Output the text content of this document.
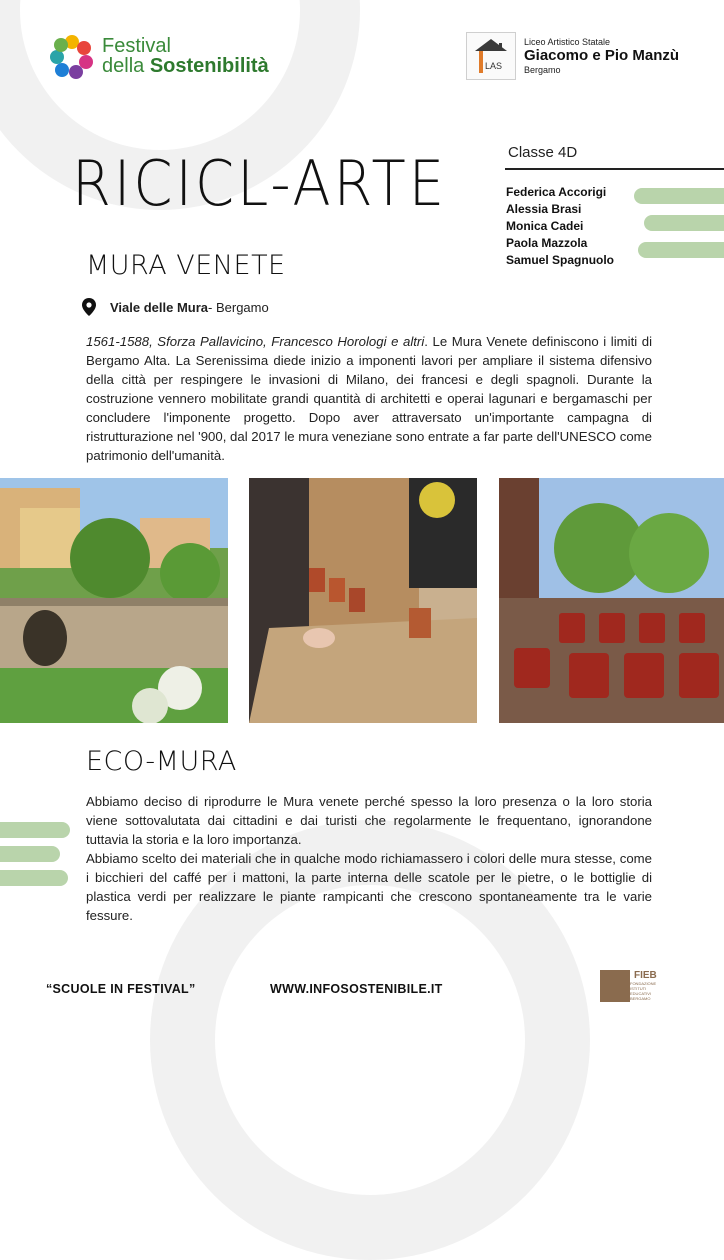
Festival
della Sostenibilità	LAS
Liceo Artistico Statale
Giacomo e Pio Manzù
Bergamo
RICICL-ARTE	Classe 4D
Federica Accorigi
Alessia Brasi
Monica Cadei
Paola Mazzola
Samuel Spagnuolo
MURA VENETE
Viale delle Mura - Bergamo

1561-1588, Sforza Pallavicino, Francesco Horologi e altri. Le Mura Venete definiscono i limiti di Bergamo Alta. La Serenissima diede inizio a imponenti lavori per ampliare il sistema difensivo della città per respingere le invasioni di Milano, dei francesi e degli spagnoli. Durante la costruzione vennero mobilitate grandi quantità di architetti e operai lagunari e bergamaschi per concludere l'imponente progetto. Dopo aver attraversato un'importante campagna di ristrutturazione nel '900, dal 2017 le mura veneziane sono entrate a far parte dell'UNESCO come patrimonio dell'umanità.

ECO-MURA

Abbiamo deciso di riprodurre le Mura venete perché spesso la loro presenza o la loro storia viene sottovalutata dai cittadini e dai turisti che regolarmente le frequentano, ignorandone tuttavia la storia e la loro importanza.

Abbiamo scelto dei materiali che in qualche modo richiamassero i colori delle mura stesse, come i bicchieri del caffé per i mattoni, la parte interna delle scatole per le pietre, o le bottiglie di plastica verdi per realizzare le piante rampicanti che crescono spontaneamente tra le varie fessure.

“SCUOLE IN FESTIVAL”	WWW.INFOSOSTENIBILE.IT
FIEB
FONDAZIONE ISTITUTI EDUCATIVI BERGAMO
